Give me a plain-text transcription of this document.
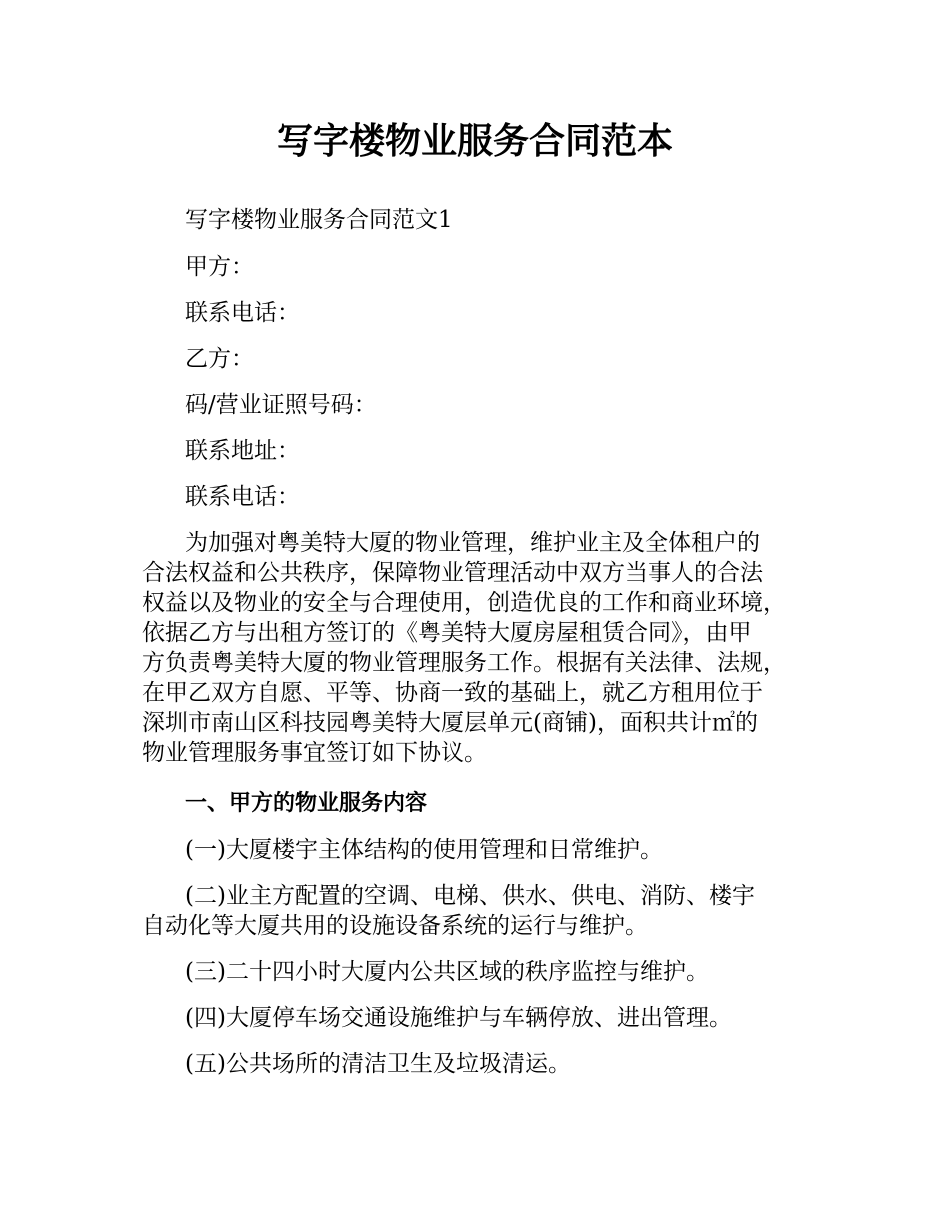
写字楼物业服务合同范本

写字楼物业服务合同范文1

甲方：

联系电话：

乙方：

码/营业证照号码：

联系地址：

联系电话：

为加强对粤美特大厦的物业管理，维护业主及全体租户的
合法权益和公共秩序，保障物业管理活动中双方当事人的合法
权益以及物业的安全与合理使用，创造优良的工作和商业环境，
依据乙方与出租方签订的《粤美特大厦房屋租赁合同》，由甲
方负责粤美特大厦的物业管理服务工作。根据有关法律、法规，
在甲乙双方自愿、平等、协商一致的基础上，就乙方租用位于
深圳市南山区科技园粤美特大厦层单元(商铺)，面积共计㎡的
物业管理服务事宜签订如下协议。
一、甲方的物业服务内容

(一)大厦楼宇主体结构的使用管理和日常维护。

(二)业主方配置的空调、电梯、供水、供电、消防、楼宇
自动化等大厦共用的设施设备系统的运行与维护。

(三)二十四小时大厦内公共区域的秩序监控与维护。

(四)大厦停车场交通设施维护与车辆停放、进出管理。

(五)公共场所的清洁卫生及垃圾清运。
